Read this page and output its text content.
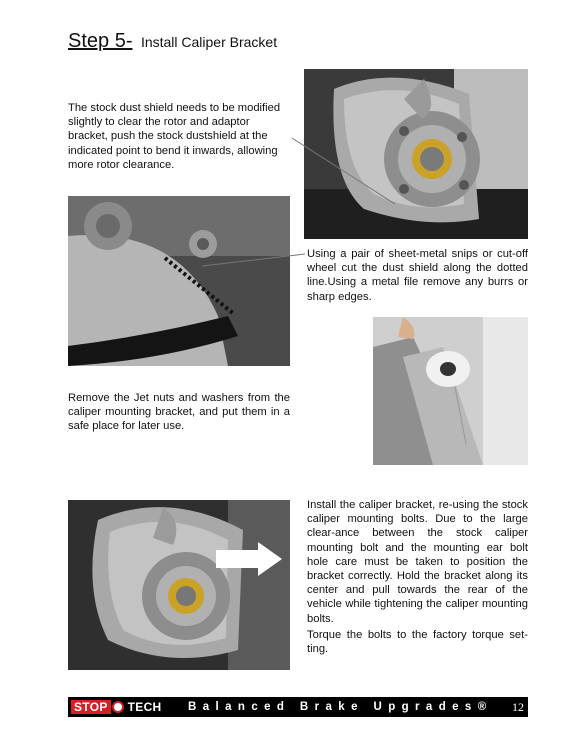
Step 5- Install Caliper Bracket
The stock dust shield needs to be modified slightly to clear the rotor and adaptor bracket, push the stock dustshield at the indicated point to bend it inwards, allowing more rotor clearance.
Using a pair of sheet-metal snips or cut-off wheel cut the dust shield along the dotted line.Using a metal file remove any burrs or sharp edges.
Remove the Jet nuts and washers from the caliper mounting bracket, and put them in a safe place for later use.
Install the caliper bracket, re-using the stock caliper mounting bolts. Due to the large clear-ance between the stock caliper mounting bolt and the mounting ear bolt hole care must be taken to position the bracket correctly. Hold the bracket along its center and pull towards the rear of the vehicle while tightening the caliper mounting bolts.
Torque the bolts to the factory torque set-ting.
STOP TECH Balanced Brake Upgrades® 12
